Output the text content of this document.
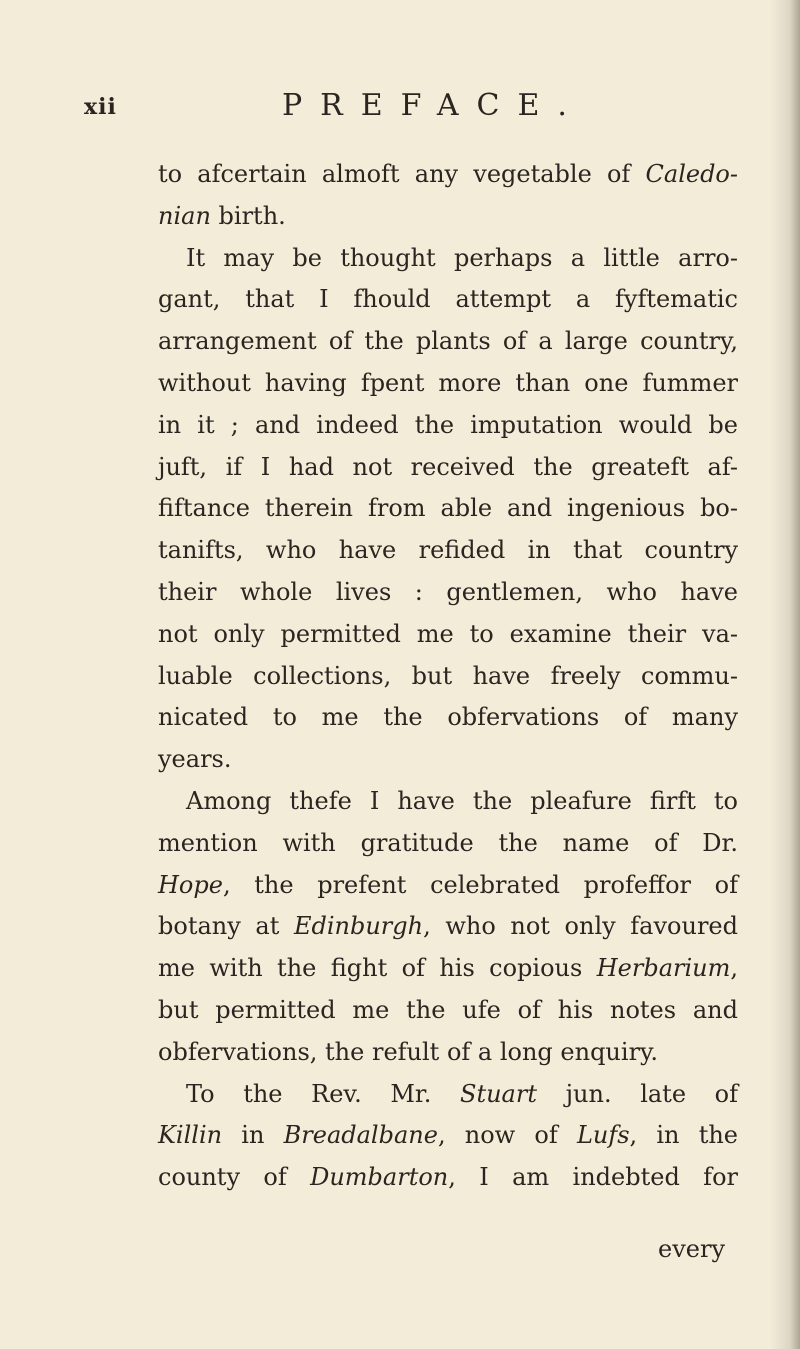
xii	PREFACE.
to afcertain almoft any vegetable of Caledo-
nian birth.
It may be thought perhaps a little arro-
gant, that I fhould attempt a fyftematic
arrangement of the plants of a large country,
without having fpent more than one fummer
in it ; and indeed the imputation would be
juft, if I had not received the greateft af-
fiftance therein from able and ingenious bo-
tanifts, who have refided in that country
their whole lives : gentlemen, who have
not only permitted me to examine their va-
luable collections, but have freely commu-
nicated to me the obfervations of many
years.
Among thefe I have the pleafure firft to
mention with gratitude the name of Dr.
Hope, the prefent celebrated profeffor of
botany at Edinburgh, who not only favoured
me with the fight of his copious Herbarium,
but permitted me the ufe of his notes and
obfervations, the refult of a long enquiry.
To the Rev. Mr. Stuart jun. late of
Killin in Breadalbane, now of Lufs, in the
county of Dumbarton, I am indebted for
every
